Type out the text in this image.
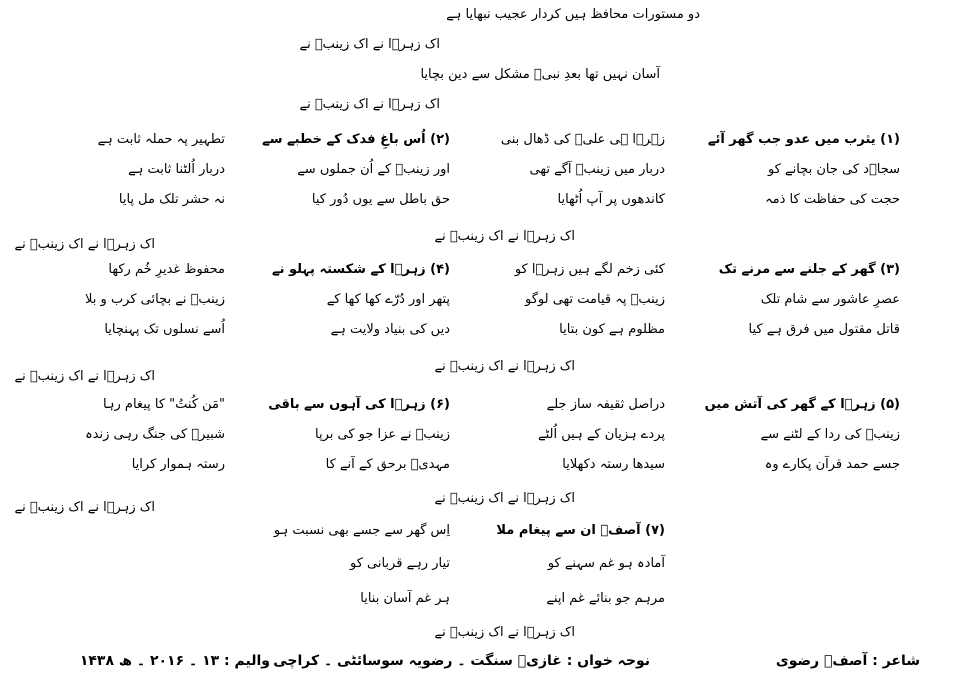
دو مستورات محافظ ہیں کردار عجیب نبھایا ہے
اک زہرؑا نے اک زینبؑ نے
آسان نہیں تھا بعدِ نبیؐ مشکل سے دین بچایا
اک زہرؑا نے اک زینبؑ نے
(۱) یثرب میں عدو جب گھر آئے
زہرؑا ہی علیؑ کی ڈھال بنی
(۲) اُس باغِ فدک کے خطبے سے
تطہیر پہ حملہ ثابت ہے
سجاؑد کی جان بچانے کو
دربار میں زینبؑ آگے تھی
اور زینبؑ کے اُن جملوں سے
دربار اُلٹنا ثابت ہے
حجت کی حفاظت کا ذمہ
کاندھوں پر آپ اُٹھایا
حق باطل سے یوں دُور کیا
نہ حشر تلک مل پایا
اک زہرؑا نے اک زینبؑ نے
اک زہرؑا نے اک زینبؑ نے
(۳) گھر کے جلنے سے مرنے تک
کئی زخم لگے ہیں زہرؑا کو
(۴) زہرؑا کے شکستہ پہلو نے
محفوظ غدیرِ خُم رکھا
عصرِ عاشور سے شام تلک
زینبؑ پہ قیامت تھی لوگو
پتھر اور دُرّے کھا کھا کے
زینبؑ نے بچائی کرب و بلا
قاتل مقتول میں فرق ہے کیا
مظلوم ہے کون بتایا
دیں کی بنیاد ولایت ہے
اُسے نسلوں تک پہنچایا
اک زہرؑا نے اک زینبؑ نے
اک زہرؑا نے اک زینبؑ نے
(۵) زہرؑا کے گھر کی آتش میں
دراصل ثقیفہ ساز جلے
(۶) زہرؑا کی آہوں سے باقی
"مَن کُنتُ" کا پیغام رہا
زینبؑ کی ردا کے لٹنے سے
پردے ہزیان کے ہیں اُلٹے
زینبؑ نے عزا جو کی برپا
شبیرؑ کی جنگ رہی زندہ
جسے حمد قرآن پکارے وہ
سیدھا رستہ دکھلایا
مہدیؑ برحق کے آنے کا
رستہ ہموار کرایا
اک زہرؑا نے اک زینبؑ نے
اک زہرؑا نے اک زینبؑ نے
(۷) آصفؔ ان سے پیغام ملا
اِس گھر سے جسے بھی نسبت ہو
آمادہ ہو غم سہنے کو
تیار رہے قربانی کو
مرہم جو بنائے غم اپنے
ہر غم آسان بنایا
اک زہرؑا نے اک زینبؑ نے
شاعر : آصفؔ رضوی
نوحہ خواں : غازیؑ سنگت ۔ رضویہ سوسائٹی ۔ کراچی
والیم : ۱۳ ۔ ۲۰۱۶ ۔ ھ ۱۴۳۸
